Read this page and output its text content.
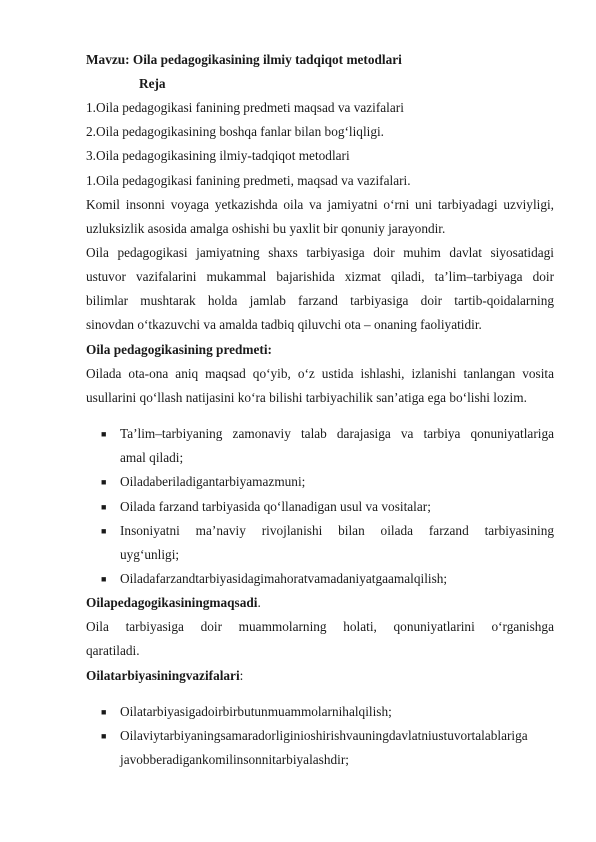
Mavzu: Oila pedagogikasining ilmiy tadqiqot metodlari
Reja
1.Oila pedagogikasi fanining predmeti maqsad va vazifalari
2.Oila pedagogikasining boshqa fanlar bilan bog‘liqligi.
3.Oila pedagogikasining ilmiy-tadqiqot metodlari
1.Oila pedagogikasi fanining predmeti, maqsad va vazifalari.
Komil insonni voyaga yetkazishda oila va jamiyatni o‘rni uni tarbiyadagi uzviyligi,
uzluksizlik asosida amalga oshishi bu yaxlit bir qonuniy jarayondir.
Oila pedagogikasi jamiyatning shaxs tarbiyasiga doir muhim davlat siyosatidagi
ustuvor vazifalarini mukammal bajarishida xizmat qiladi, ta’lim–tarbiyaga doir
bilimlar mushtarak holda jamlab farzand tarbiyasiga doir tartib-qoidalarning
sinovdan o‘tkazuvchi va amalda tadbiq qiluvchi ota – onaning faoliyatidir.
Oila pedagogikasining predmeti:
Oilada ota-ona aniq maqsad qo‘yib, o‘z ustida ishlashi, izlanishi tanlangan vosita
usullarini qo‘llash natijasini ko‘ra bilishi tarbiyachilik san’atiga ega bo‘lishi lozim.
■ Ta’lim–tarbiyaning zamonaviy talab darajasiga va tarbiya qonuniyatlariga
amal qiladi;
■ Oiladaberiladigantarbiyamazmuni;
■ Oilada farzand tarbiyasida qo‘llanadigan usul va vositalar;
■ Insoniyatni ma’naviy rivojlanishi bilan oilada farzand tarbiyasining
uyg‘unligi;
■ Oiladafarzandtarbiyasidagimahoratvamadaniyatgaamalqilish;
Oilapedagogikasiningmaqsadi.
Oila tarbiyasiga doir muammolarning holati, qonuniyatlarini o‘rganishga
qaratiladi.
Oilatarbiyasiningvazifalari:
■ Oilatarbiyasigadoirbirbutunmuammolarnihalqilish;
■ Oilaviytarbiyaningsamaradorliginioshirishvauningdavlatniustuvortalablariga
javobberadigankomilinsonnitarbiyalashdir;
